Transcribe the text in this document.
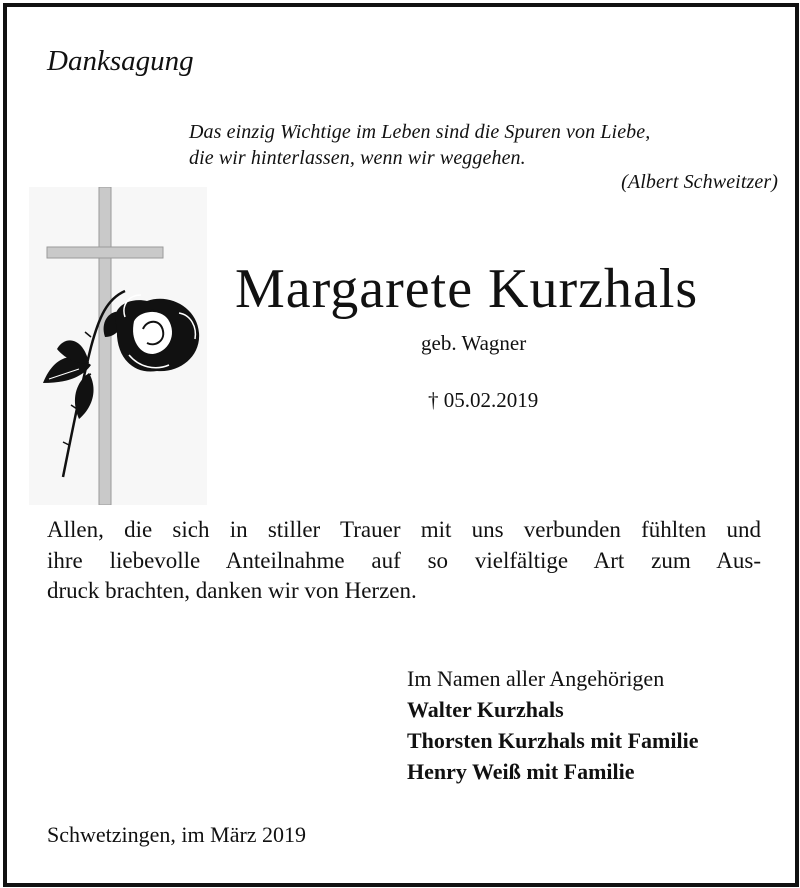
Danksagung

Das einzig Wichtige im Leben sind die Spuren von Liebe,

die wir hinterlassen, wenn wir weggehen.

(Albert Schweitzer)

Margarete Kurzhals

geb. Wagner

† 05.02.2019

Allen, die sich in stiller Trauer mit uns verbunden fühlten und
ihre liebevolle Anteilnahme auf so vielfältige Art zum Aus-
druck brachten, danken wir von Herzen.

Im Namen aller Angehörigen

Walter Kurzhals

Thorsten Kurzhals mit Familie

Henry Weiß mit Familie

Schwetzingen, im März 2019
